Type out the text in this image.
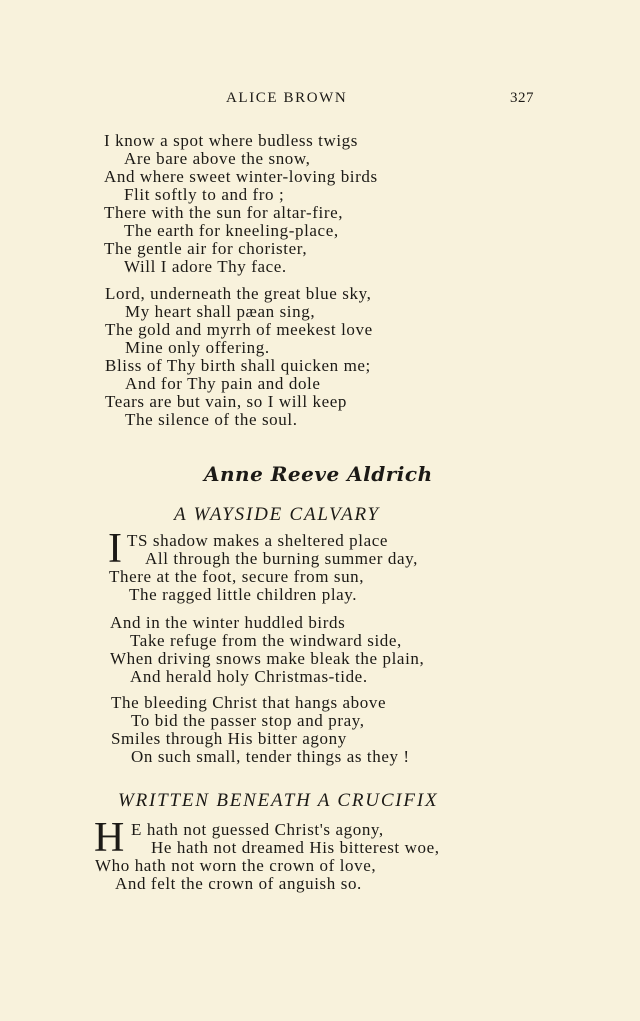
ALICE BROWN	327
I know a spot where budless twigs
Are bare above the snow,
And where sweet winter-loving birds
Flit softly to and fro ;
There with the sun for altar-fire,
The earth for kneeling-place,
The gentle air for chorister,
Will I adore Thy face.
Lord, underneath the great blue sky,
My heart shall pæan sing,
The gold and myrrh of meekest love
Mine only offering.
Bliss of Thy birth shall quicken me;
And for Thy pain and dole
Tears are but vain, so I will keep
The silence of the soul.
Anne Reeve Aldrich
A WAYSIDE CALVARY
I TS shadow makes a sheltered place
All through the burning summer day,
There at the foot, secure from sun,
The ragged little children play.
And in the winter huddled birds
Take refuge from the windward side,
When driving snows make bleak the plain,
And herald holy Christmas-tide.
The bleeding Christ that hangs above
To bid the passer stop and pray,
Smiles through His bitter agony
On such small, tender things as they !
WRITTEN BENEATH A CRUCIFIX
H E hath not guessed Christ's agony,
He hath not dreamed His bitterest woe,
Who hath not worn the crown of love,
And felt the crown of anguish so.
